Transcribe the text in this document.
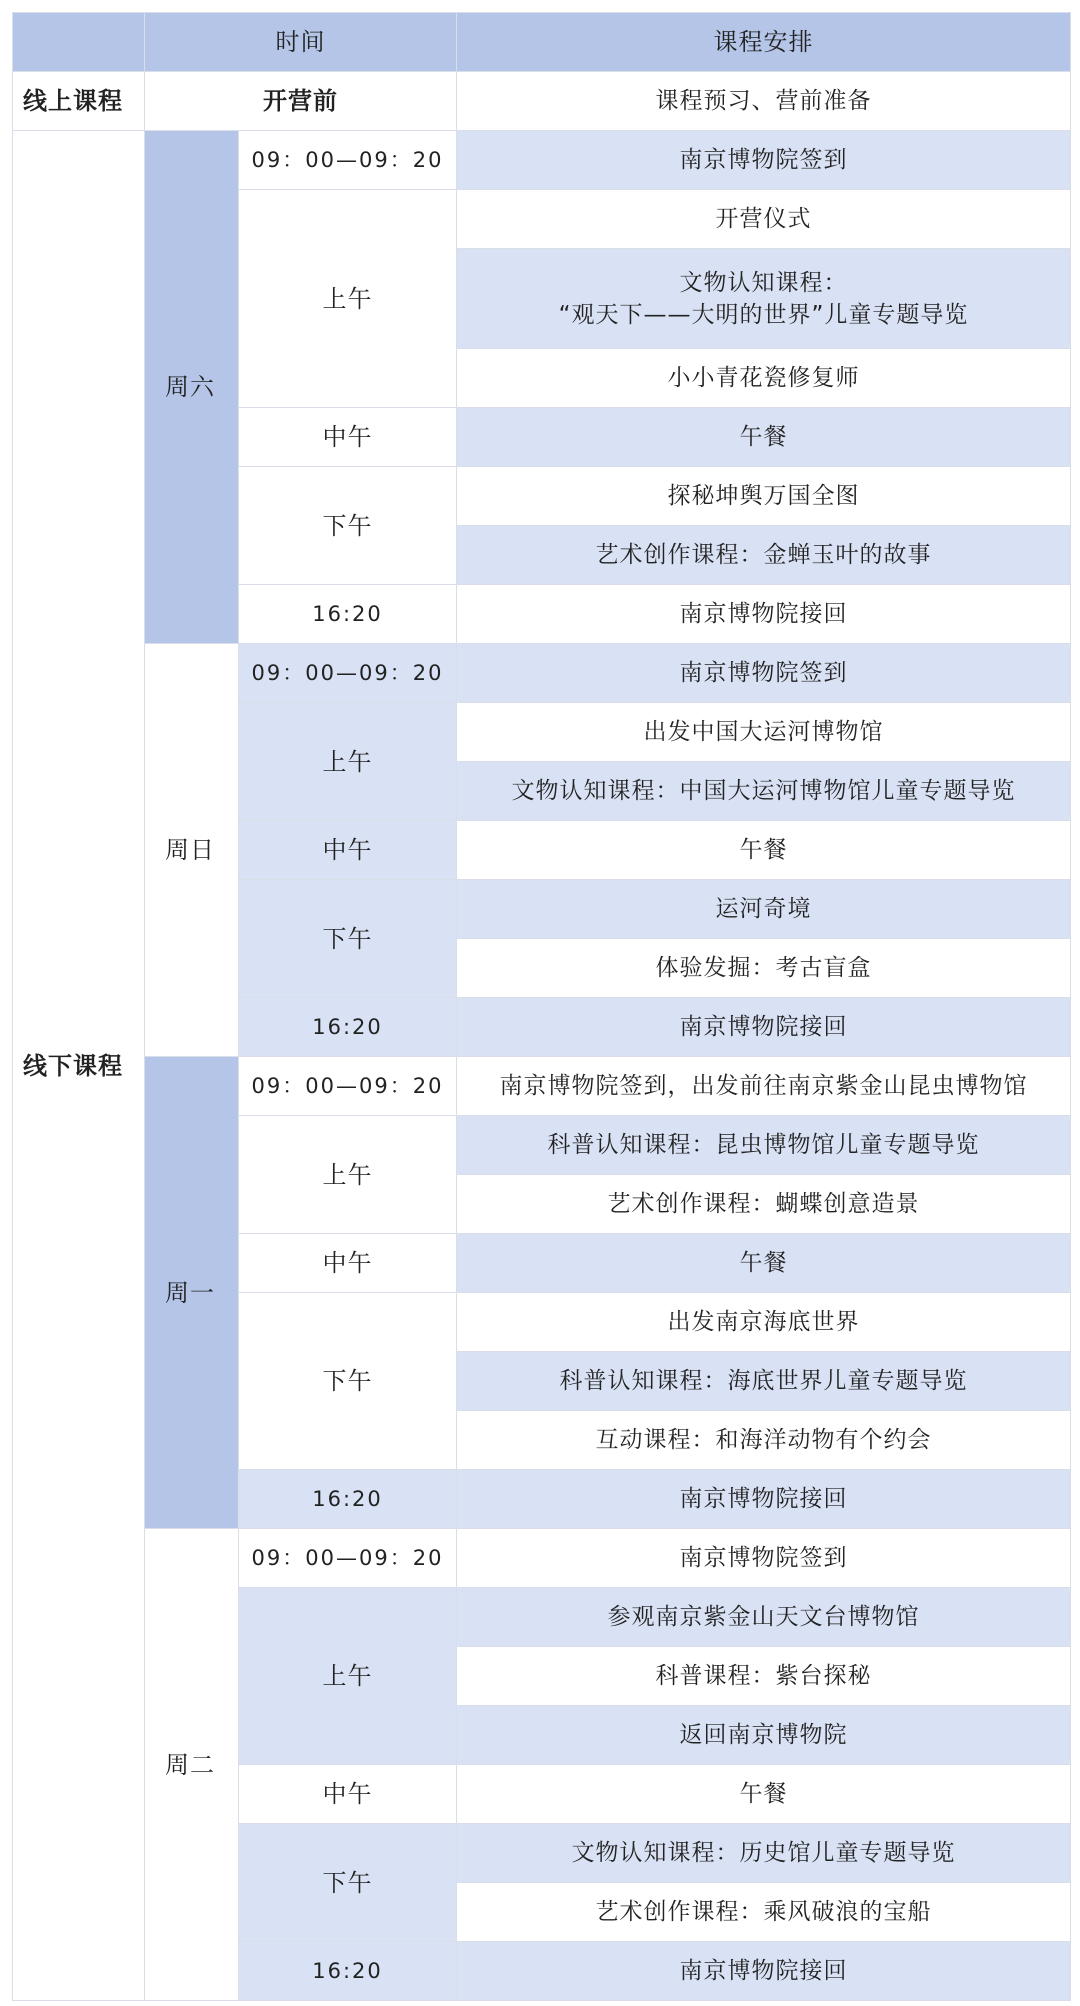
	时间		课程安排
线上课程	开营前		课程预习、营前准备
线下课程	周六	09：00—09：20	南京博物院签到
		上午	开营仪式
			文物认知课程：
“观天下——大明的世界”儿童专题导览
			小小青花瓷修复师
		中午	午餐
		下午	探秘坤舆万国全图
			艺术创作课程：金蝉玉叶的故事
		16:20	南京博物院接回
	周日	09：00—09：20	南京博物院签到
		上午	出发中国大运河博物馆
			文物认知课程：中国大运河博物馆儿童专题导览
		中午	午餐
		下午	运河奇境
			体验发掘：考古盲盒
		16:20	南京博物院接回
	周一	09：00—09：20	南京博物院签到，出发前往南京紫金山昆虫博物馆
		上午	科普认知课程：昆虫博物馆儿童专题导览
			艺术创作课程：蝴蝶创意造景
		中午	午餐
		下午	出发南京海底世界
			科普认知课程：海底世界儿童专题导览
			互动课程：和海洋动物有个约会
		16:20	南京博物院接回
	周二	09：00—09：20	南京博物院签到
		上午	参观南京紫金山天文台博物馆
			科普课程：紫台探秘
			返回南京博物院
		中午	午餐
		下午	文物认知课程：历史馆儿童专题导览
			艺术创作课程：乘风破浪的宝船
		16:20	南京博物院接回
